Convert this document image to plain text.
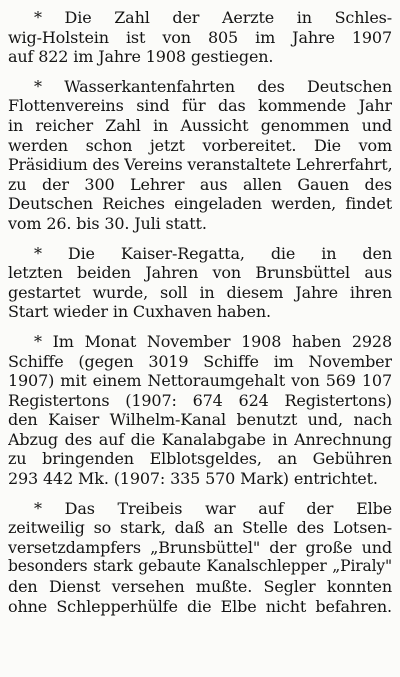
* Die Zahl der Aerzte in Schles-
wig-Holstein ist von 805 im Jahre 1907
auf 822 im Jahre 1908 gestiegen.
* Wasserkantenfahrten des Deutschen
Flottenvereins sind für das kommende Jahr
in reicher Zahl in Aussicht genommen und
werden schon jetzt vorbereitet. Die vom
Präsidium des Vereins veranstaltete Lehrerfahrt,
zu der 300 Lehrer aus allen Gauen des
Deutschen Reiches eingeladen werden, findet
vom 26. bis 30. Juli statt.
* Die Kaiser-Regatta, die in den
letzten beiden Jahren von Brunsbüttel aus
gestartet wurde, soll in diesem Jahre ihren
Start wieder in Cuxhaven haben.
* Im Monat November 1908 haben 2928
Schiffe (gegen 3019 Schiffe im November
1907) mit einem Nettoraumgehalt von 569 107
Registertons (1907: 674 624 Registertons)
den Kaiser Wilhelm-Kanal benutzt und, nach
Abzug des auf die Kanalabgabe in Anrechnung
zu bringenden Elblotsgeldes, an Gebühren
293 442 Mk. (1907: 335 570 Mark) entrichtet.
* Das Treibeis war auf der Elbe
zeitweilig so stark, daß an Stelle des Lotsen-
versetzdampfers „Brunsbüttel" der große und
besonders stark gebaute Kanalschlepper „Piraly"
den Dienst versehen mußte. Segler konnten
ohne Schlepperhülfe die Elbe nicht befahren.
